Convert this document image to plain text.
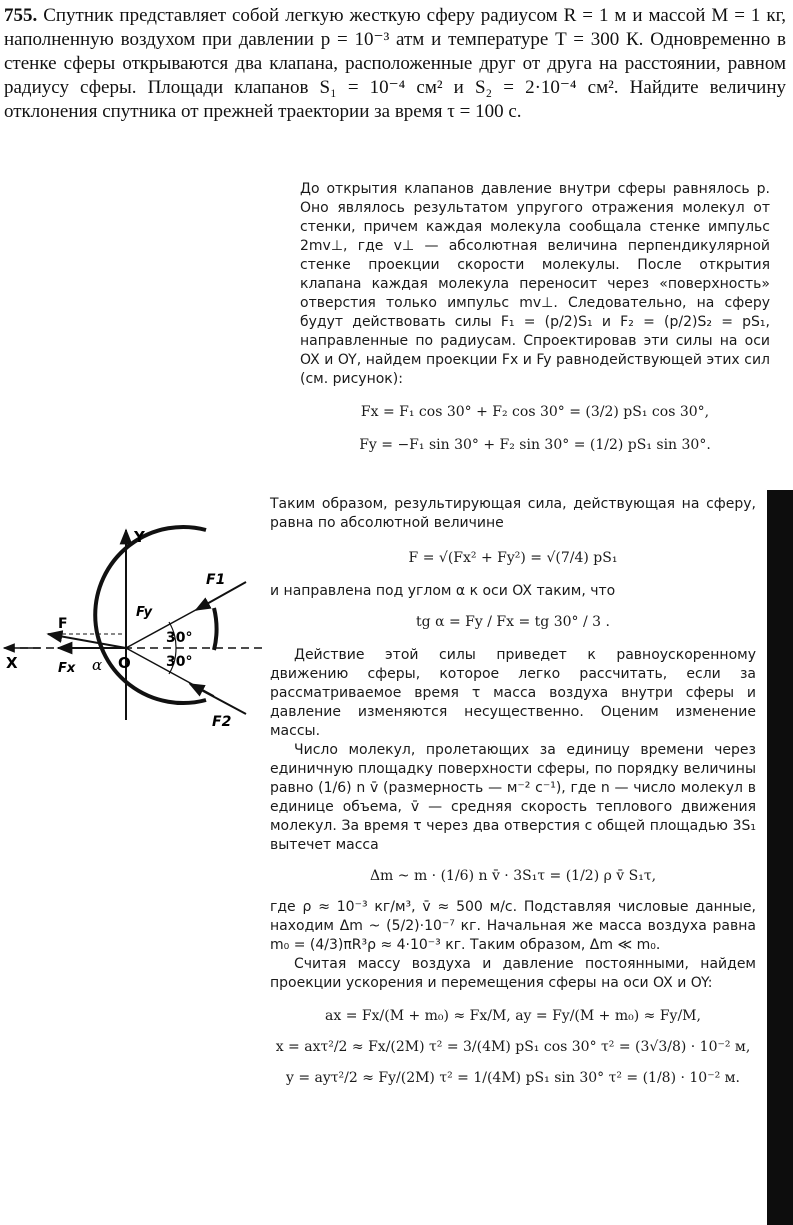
755. Спутник представляет собой легкую жесткую сферу радиусом R = 1 м и массой M = 1 кг, наполненную воздухом при давлении p = 10⁻³ атм и температуре T = 300 К. Одновременно в стенке сферы открываются два клапана, расположенные друг от друга на расстоянии, равном радиусу сферы. Площади клапанов S₁ = 10⁻⁴ см² и S₂ = 2·10⁻⁴ см². Найдите величину отклонения спутника от прежней траектории за время τ = 100 с.

До открытия клапанов давление внутри сферы равнялось p. Оно являлось результатом упругого отражения молекул от стенки, причем каждая молекула сообщала стенке импульс 2mv⊥, где v⊥ — абсолютная величина перпендикулярной стенке проекции скорости молекулы. После открытия клапана каждая молекула переносит через «поверхность» отверстия только импульс mv⊥. Следовательно, на сферу будут действовать силы F₁ = (p/2)S₁ и F₂ = (p/2)S₂ = pS₁, направленные по радиусам. Спроектировав эти силы на оси OX и OY, найдем проекции Fx и Fy равнодействующей этих сил (см. рисунок):

Fx = F₁ cos 30° + F₂ cos 30° = (3/2) pS₁ cos 30°,
Fy = −F₁ sin 30° + F₂ sin 30° = (1/2) pS₁ sin 30°.
Y
X	O
F
Fx α
Fy
F1
F2
30°
30°

Таким образом, результирующая сила, действующая на сферу, равна по абсолютной величине

F = √(Fx² + Fy²) = √(7/4) pS₁

и направлена под углом α к оси OX таким, что

tg α = Fy / Fx = tg 30° / 3 .

Действие этой силы приведет к равноускоренному движению сферы, которое легко рассчитать, если за рассматриваемое время τ масса воздуха внутри сферы и давление изменяются несущественно. Оценим изменение массы.

Число молекул, пролетающих за единицу времени через единичную площадку поверхности сферы, по порядку величины равно (1/6) n v̄ (размерность — м⁻² с⁻¹), где n — число молекул в единице объема, v̄ — средняя скорость теплового движения молекул. За время τ через два отверстия с общей площадью 3S₁ вытечет масса

Δm ~ m · (1/6) n v̄ · 3S₁τ = (1/2) ρ v̄ S₁τ,

где ρ ≈ 10⁻³ кг/м³, v̄ ≈ 500 м/с. Подставляя числовые данные, находим Δm ~ (5/2)·10⁻⁷ кг. Начальная же масса воздуха равна m₀ = (4/3)πR³ρ ≈ 4·10⁻³ кг. Таким образом, Δm ≪ m₀.

Считая массу воздуха и давление постоянными, найдем проекции ускорения и перемещения сферы на оси OX и OY:

ax = Fx/(M + m₀) ≈ Fx/M, ay = Fy/(M + m₀) ≈ Fy/M,
x = axτ²/2 ≈ Fx/(2M) τ² = 3/(4M) pS₁ cos 30° τ² = (3√3/8) · 10⁻² м,
y = ayτ²/2 ≈ Fy/(2M) τ² = 1/(4M) pS₁ sin 30° τ² = (1/8) · 10⁻² м.
